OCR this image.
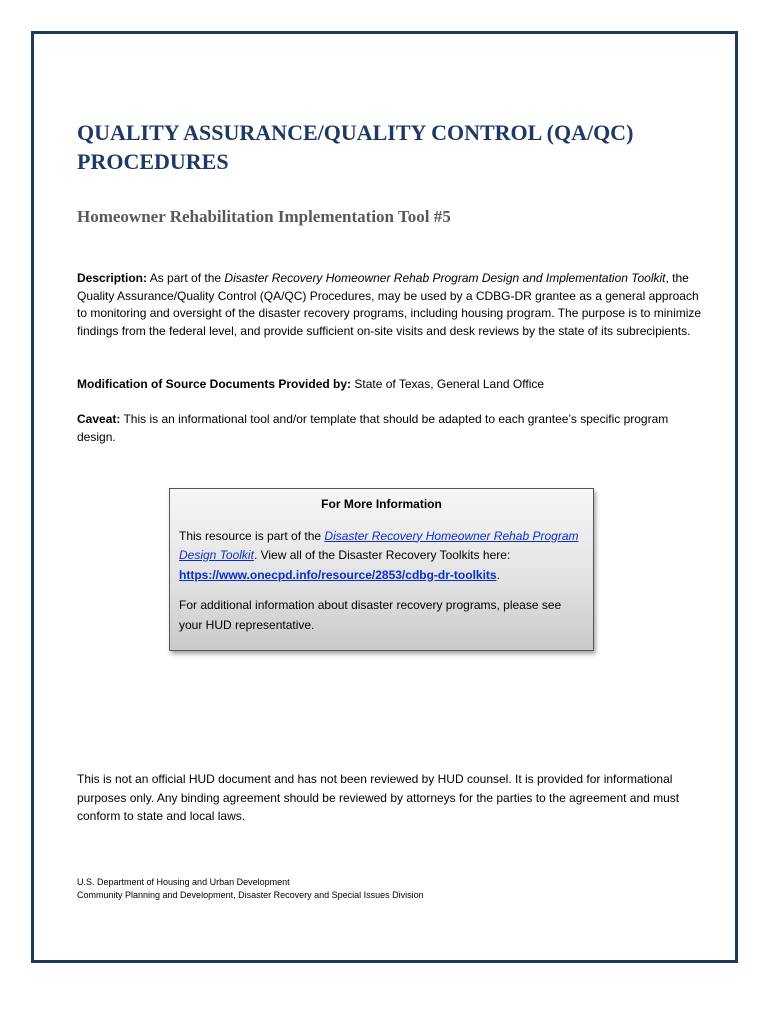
QUALITY ASSURANCE/QUALITY CONTROL (QA/QC) PROCEDURES
Homeowner Rehabilitation Implementation Tool #5

Description: As part of the Disaster Recovery Homeowner Rehab Program Design and Implementation Toolkit, the Quality Assurance/Quality Control (QA/QC) Procedures, may be used by a CDBG-DR grantee as a general approach to monitoring and oversight of the disaster recovery programs, including housing program. The purpose is to minimize findings from the federal level, and provide sufficient on-site visits and desk reviews by the state of its subrecipients.

Modification of Source Documents Provided by: State of Texas, General Land Office

Caveat: This is an informational tool and/or template that should be adapted to each grantee’s specific program design.

For More Information

This resource is part of the Disaster Recovery Homeowner Rehab Program Design Toolkit. View all of the Disaster Recovery Toolkits here: https://www.onecpd.info/resource/2853/cdbg-dr-toolkits.

For additional information about disaster recovery programs, please see your HUD representative.

This is not an official HUD document and has not been reviewed by HUD counsel. It is provided for informational purposes only. Any binding agreement should be reviewed by attorneys for the parties to the agreement and must conform to state and local laws.

U.S. Department of Housing and Urban Development
Community Planning and Development, Disaster Recovery and Special Issues Division
